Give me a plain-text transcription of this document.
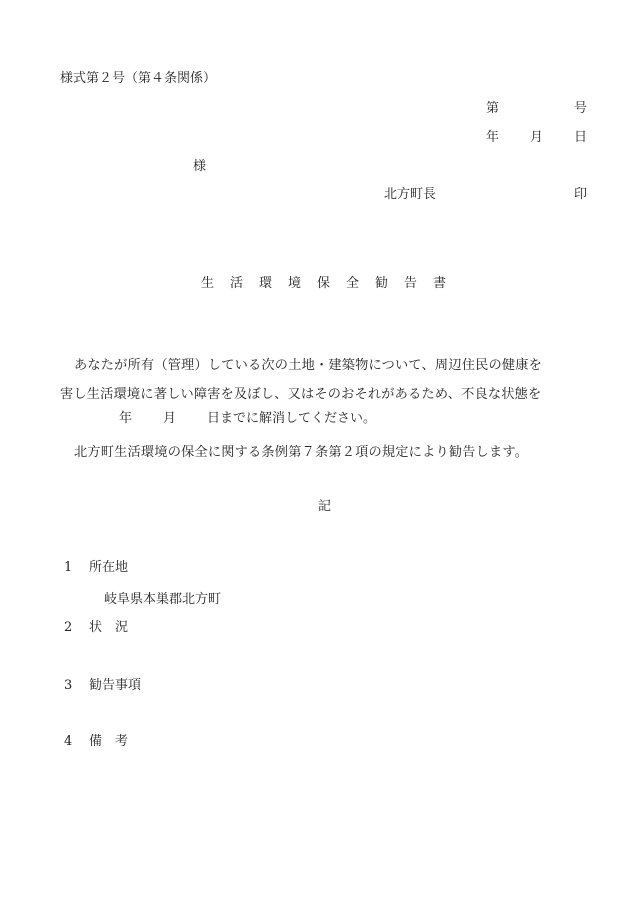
様式第２号（第４条関係）
第	号
年 月 日
様
北方町長	印
生 活 環 境 保 全 勧 告 書
あなたが所有（管理）している次の土地・建築物について、周辺住民の健康を
害し生活環境に著しい障害を及ぼし、又はそのおそれがあるため、不良な状態を
年 月 日までに解消してください。
北方町生活環境の保全に関する条例第７条第２項の規定により勧告します。
記
1 所在地
岐阜県本巣郡北方町
2 状　況
3 勧告事項
4 備　考
